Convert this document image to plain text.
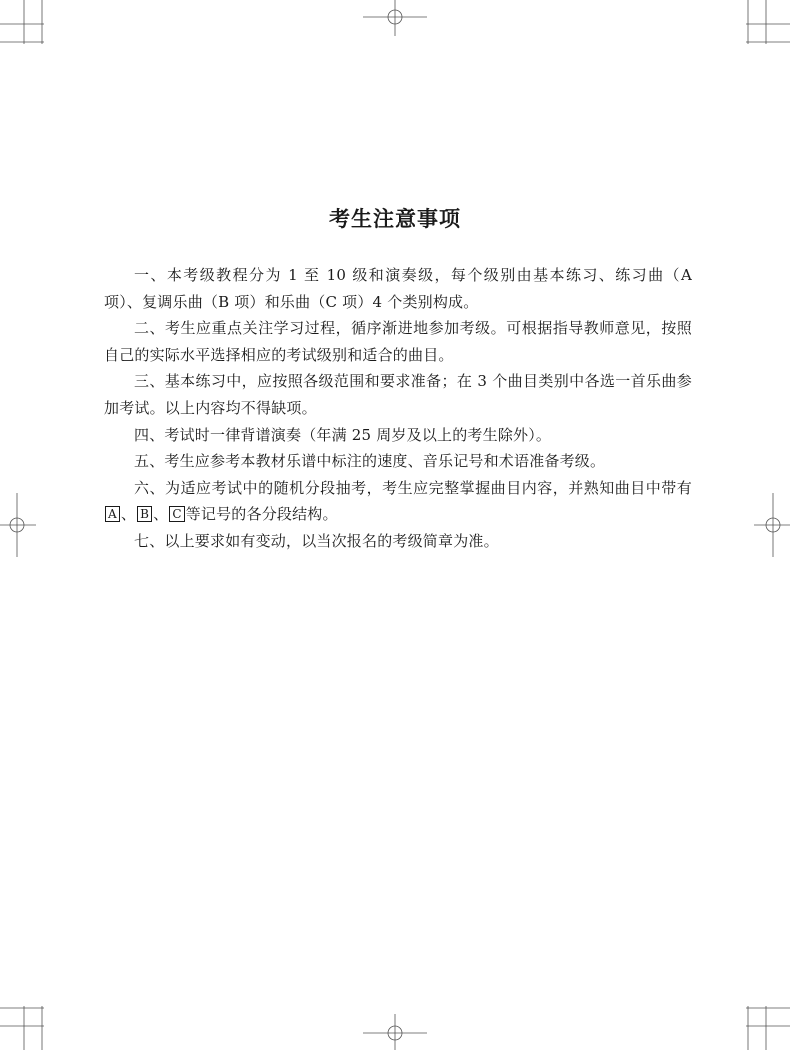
考生注意事项

一、本考级教程分为 1 至 10 级和演奏级，每个级别由基本练习、练习曲（A 项）、复调乐曲（B 项）和乐曲（C 项）4 个类别构成。

二、考生应重点关注学习过程，循序渐进地参加考级。可根据指导教师意见，按照自己的实际水平选择相应的考试级别和适合的曲目。

三、基本练习中，应按照各级范围和要求准备；在 3 个曲目类别中各选一首乐曲参加考试。以上内容均不得缺项。

四、考试时一律背谱演奏（年满 25 周岁及以上的考生除外）。

五、考生应参考本教材乐谱中标注的速度、音乐记号和术语准备考级。

六、为适应考试中的随机分段抽考，考生应完整掌握曲目内容，并熟知曲目中带有A 、 B 、 C 等记号的各分段结构。

七、以上要求如有变动，以当次报名的考级简章为准。
